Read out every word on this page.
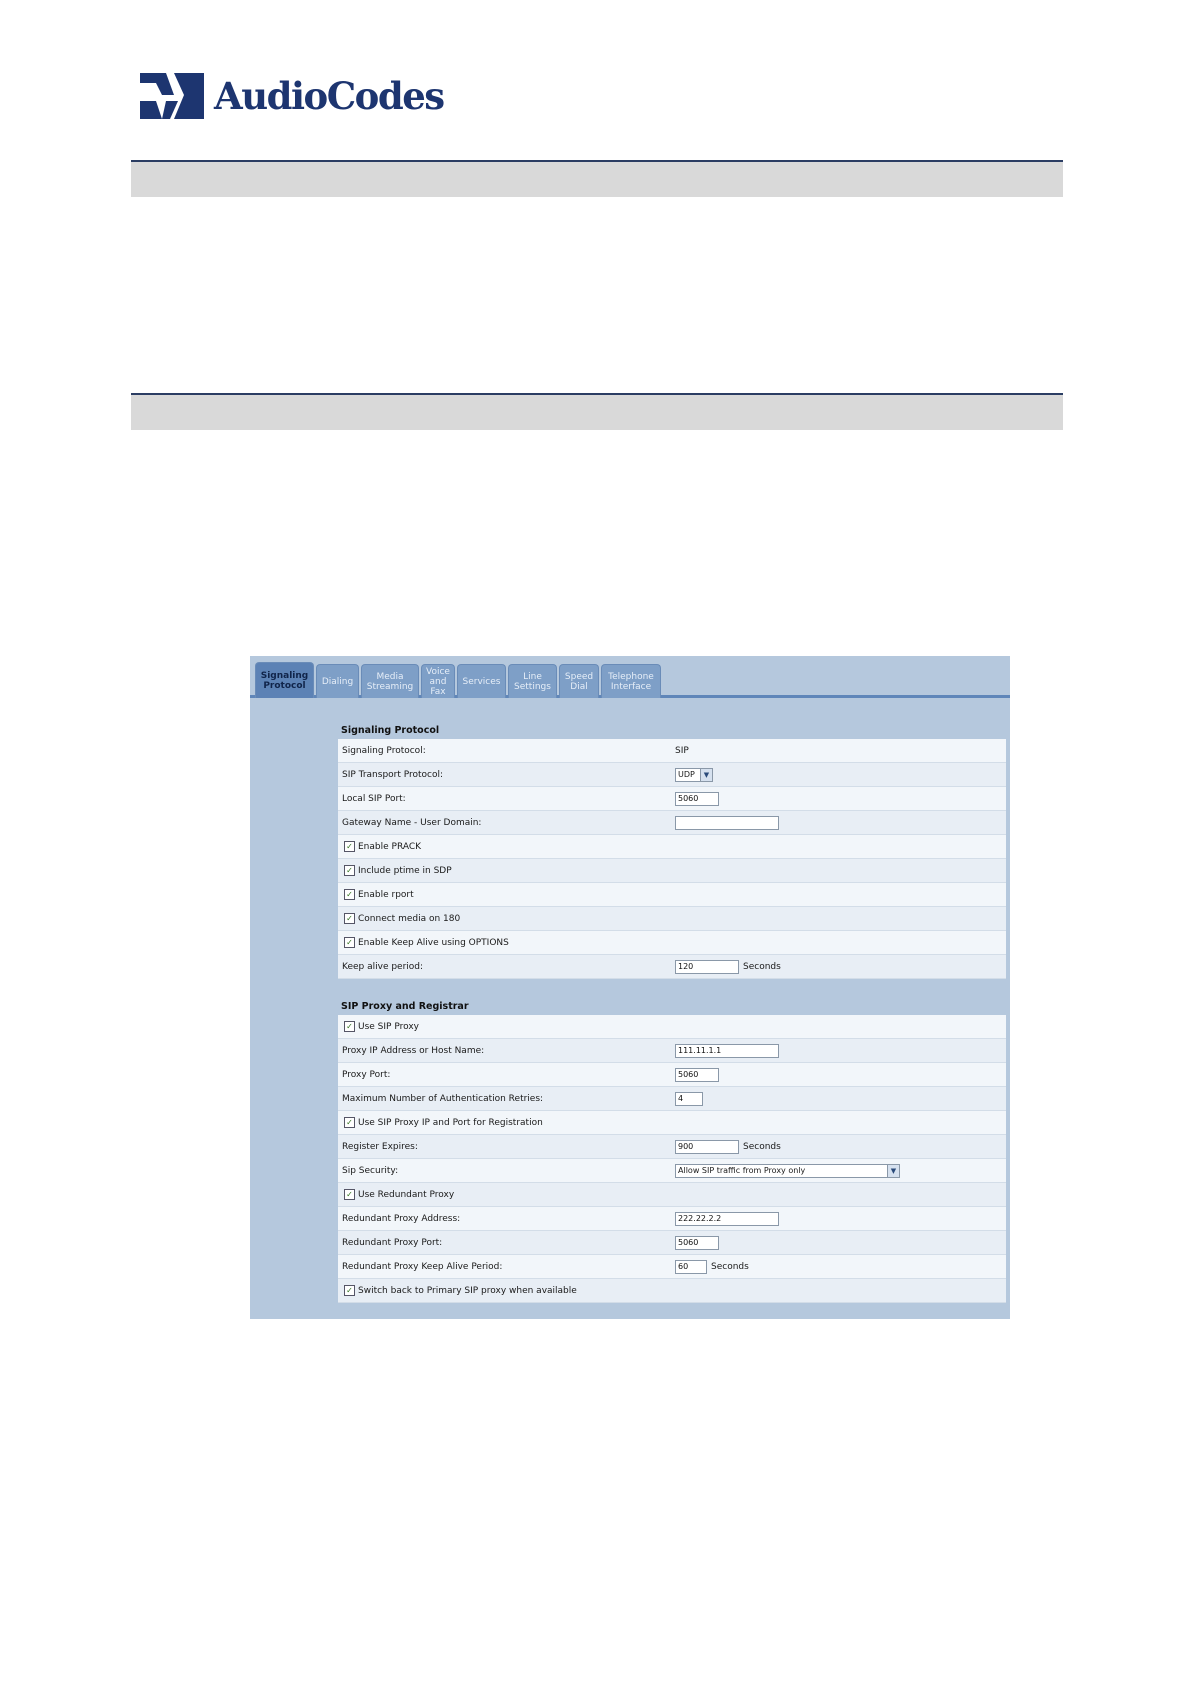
AudioCodes
Signaling
Protocol	Dialing	Media
Streaming
Voice
and
Fax
Services	Line
Settings
Speed
Dial
Telephone
Interface
Signaling Protocol
Signaling Protocol:	SIP
SIP Transport Protocol:	UDP	▼
Local SIP Port:	5060
Gateway Name - User Domain:
✓ Enable PRACK
✓ Include ptime in SDP
✓ Enable rport
✓ Connect media on 180
✓ Enable Keep Alive using OPTIONS
Keep alive period:	120	Seconds
SIP Proxy and Registrar
✓ Use SIP Proxy
Proxy IP Address or Host Name:	111.11.1.1
Proxy Port:	5060
Maximum Number of Authentication Retries:	4
✓ Use SIP Proxy IP and Port for Registration
Register Expires:	900	Seconds
Sip Security:	Allow SIP traffic from Proxy only	▼
✓ Use Redundant Proxy
Redundant Proxy Address:	222.22.2.2
Redundant Proxy Port:	5060
Redundant Proxy Keep Alive Period:	60	Seconds
✓ Switch back to Primary SIP proxy when available
